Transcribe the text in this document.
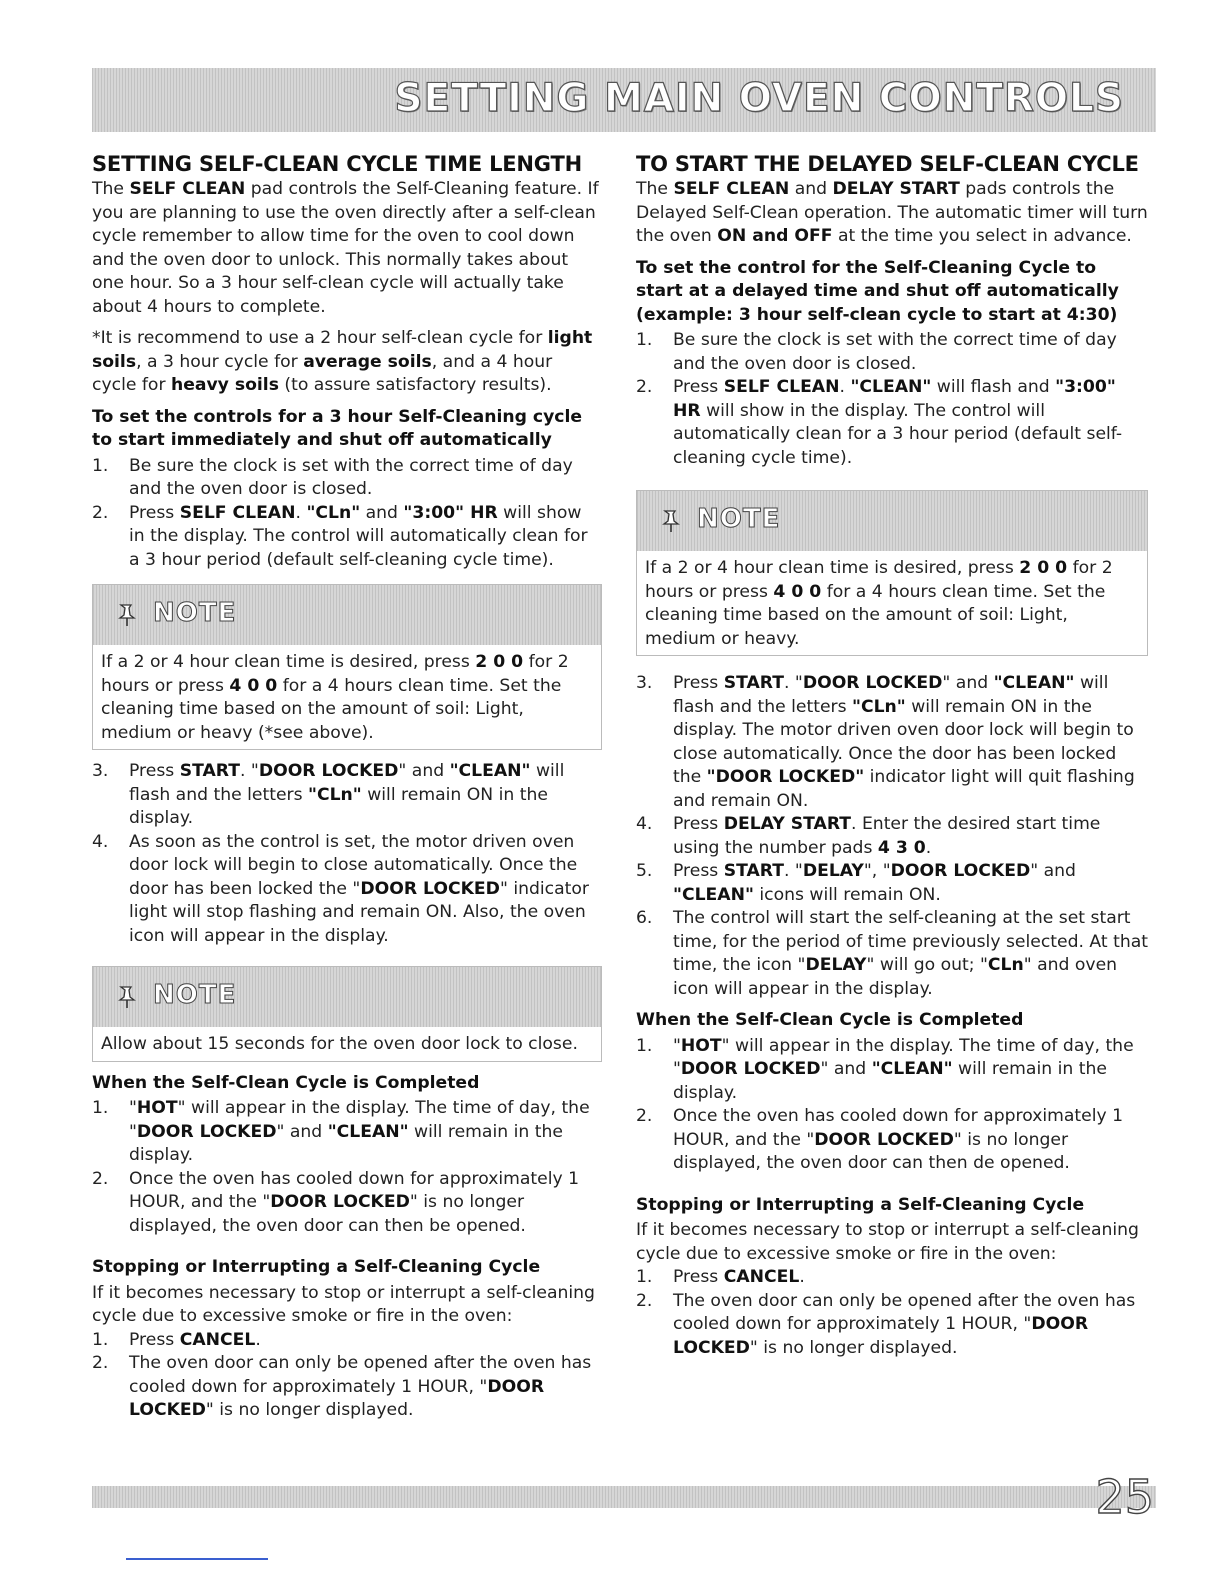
SETTING MAIN OVEN CONTROLS
SETTING SELF-CLEAN CYCLE TIME LENGTH

The SELF CLEAN pad controls the Self-Cleaning feature. If you are planning to use the oven directly after a self-clean cycle remember to allow time for the oven to cool down and the oven door to unlock. This normally takes about one hour. So a 3 hour self-clean cycle will actually take about 4 hours to complete.

*It is recommend to use a 2 hour self-clean cycle for light soils, a 3 hour cycle for average soils, and a 4 hour cycle for heavy soils (to assure satisfactory results).

To set the controls for a 3 hour Self-Cleaning cycle to start immediately and shut off automatically
1. Be sure the clock is set with the correct time of day and the oven door is closed.
2. Press SELF CLEAN. "CLn" and "3:00" HR will show in the display. The control will automatically clean for a 3 hour period (default self-cleaning cycle time).
NOTE
If a 2 or 4 hour clean time is desired, press 2 0 0 for 2 hours or press 4 0 0 for a 4 hours clean time. Set the cleaning time based on the amount of soil: Light, medium or heavy (*see above).
3. Press START. "DOOR LOCKED" and "CLEAN" will flash and the letters "CLn" will remain ON in the display.
4. As soon as the control is set, the motor driven oven door lock will begin to close automatically. Once the door has been locked the "DOOR LOCKED" indicator light will stop flashing and remain ON. Also, the oven icon will appear in the display.
NOTE
Allow about 15 seconds for the oven door lock to close.
When the Self-Clean Cycle is Completed
1. "HOT" will appear in the display. The time of day, the "DOOR LOCKED" and "CLEAN" will remain in the display.
2. Once the oven has cooled down for approximately 1 HOUR, and the "DOOR LOCKED" is no longer displayed, the oven door can then be opened.
Stopping or Interrupting a Self-Cleaning Cycle

If it becomes necessary to stop or interrupt a self-cleaning cycle due to excessive smoke or fire in the oven:

1. Press CANCEL.
2. The oven door can only be opened after the oven has cooled down for approximately 1 HOUR, "DOOR LOCKED" is no longer displayed.
TO START THE DELAYED SELF-CLEAN CYCLE

The SELF CLEAN and DELAY START pads controls the Delayed Self-Clean operation. The automatic timer will turn the oven ON and OFF at the time you select in advance.

To set the control for the Self-Cleaning Cycle to start at a delayed time and shut off automatically (example: 3 hour self-clean cycle to start at 4:30)
1. Be sure the clock is set with the correct time of day and the oven door is closed.
2. Press SELF CLEAN. "CLEAN" will flash and "3:00" HR will show in the display. The control will automatically clean for a 3 hour period (default self-cleaning cycle time).
NOTE
If a 2 or 4 hour clean time is desired, press 2 0 0 for 2 hours or press 4 0 0 for a 4 hours clean time. Set the cleaning time based on the amount of soil: Light, medium or heavy.
3. Press START. "DOOR LOCKED" and "CLEAN" will flash and the letters "CLn" will remain ON in the display. The motor driven oven door lock will begin to close automatically. Once the door has been locked the "DOOR LOCKED" indicator light will quit flashing and remain ON.
4. Press DELAY START. Enter the desired start time using the number pads 4 3 0.
5. Press START. "DELAY", "DOOR LOCKED" and "CLEAN" icons will remain ON.
6. The control will start the self-cleaning at the set start time, for the period of time previously selected. At that time, the icon "DELAY" will go out; "CLn" and oven icon will appear in the display.
When the Self-Clean Cycle is Completed
1. "HOT" will appear in the display. The time of day, the "DOOR LOCKED" and "CLEAN" will remain in the display.
2. Once the oven has cooled down for approximately 1 HOUR, and the "DOOR LOCKED" is no longer displayed, the oven door can then de opened.
Stopping or Interrupting a Self-Cleaning Cycle

If it becomes necessary to stop or interrupt a self-cleaning cycle due to excessive smoke or fire in the oven:

1. Press CANCEL.
2. The oven door can only be opened after the oven has cooled down for approximately 1 HOUR, "DOOR LOCKED" is no longer displayed.
25
